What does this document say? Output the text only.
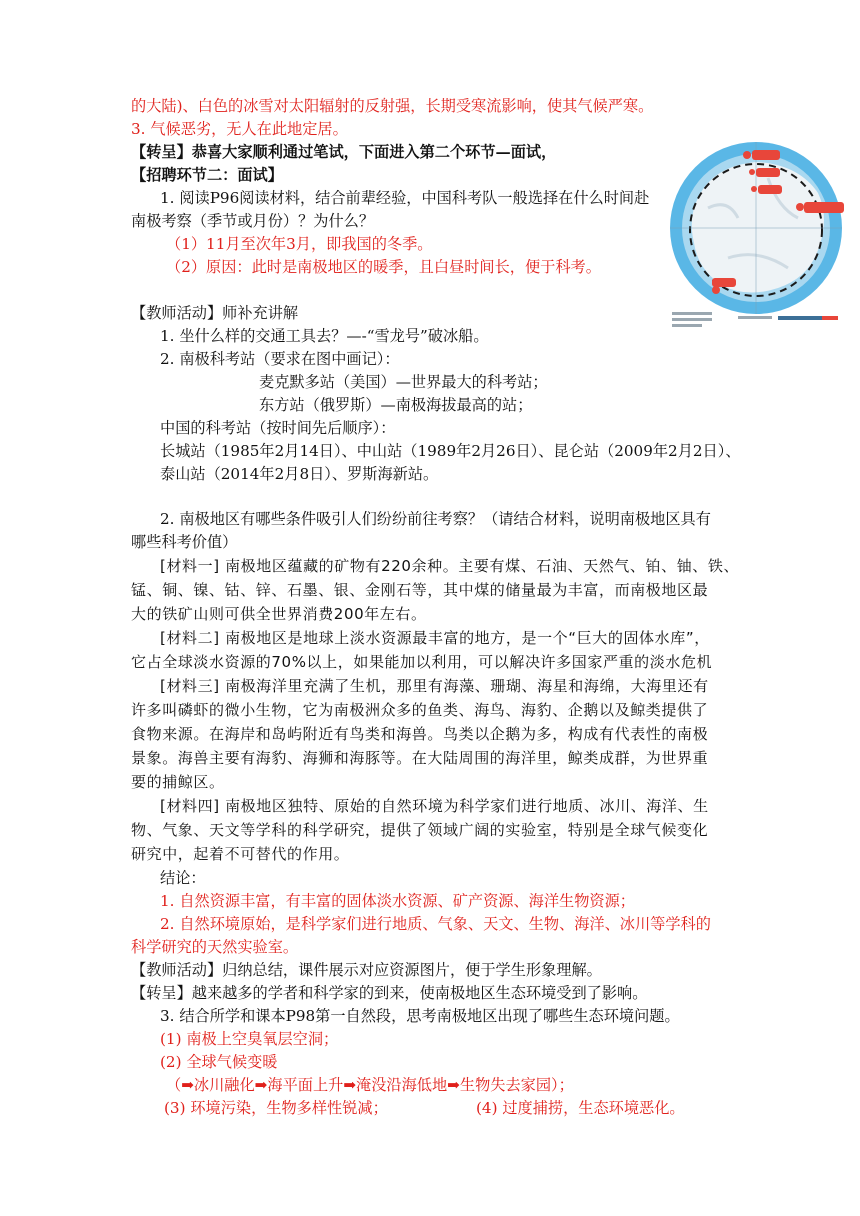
的大陆)、白色的冰雪对太阳辐射的反射强，长期受寒流影响，使其气候严寒。
3. 气候恶劣，无人在此地定居。
【转呈】恭喜大家顺利通过笔试，下面进入第二个环节—面试，
【招聘环节二：面试】
1. 阅读P96阅读材料，结合前辈经验，中国科考队一般选择在什么时间赴
南极考察（季节或月份）？为什么？
（1）11月至次年3月，即我国的冬季。
（2）原因：此时是南极地区的暖季，且白昼时间长，便于科考。
【教师活动】师补充讲解
1. 坐什么样的交通工具去？—-“雪龙号”破冰船。
2. 南极科考站（要求在图中画记）：
麦克默多站（美国）—世界最大的科考站；
东方站（俄罗斯）—南极海拔最高的站；
中国的科考站（按时间先后顺序）：
长城站（1985年2月14日）、中山站（1989年2月26日）、昆仑站（2009年2月2日）、
泰山站（2014年2月8日）、罗斯海新站。
2. 南极地区有哪些条件吸引人们纷纷前往考察？（请结合材料，说明南极地区具有
哪些科考价值）
[材料一] 南极地区蕴藏的矿物有220余种。主要有煤、石油、天然气、铂、铀、铁、
锰、铜、镍、钴、锌、石墨、银、金刚石等，其中煤的储量最为丰富，而南极地区最
大的铁矿山则可供全世界消费200年左右。
[材料二] 南极地区是地球上淡水资源最丰富的地方，是一个“巨大的固体水库”，
它占全球淡水资源的70%以上，如果能加以利用，可以解决许多国家严重的淡水危机
[材料三] 南极海洋里充满了生机，那里有海藻、珊瑚、海星和海绵，大海里还有
许多叫磷虾的微小生物，它为南极洲众多的鱼类、海鸟、海豹、企鹅以及鲸类提供了
食物来源。在海岸和岛屿附近有鸟类和海兽。鸟类以企鹅为多，构成有代表性的南极
景象。海兽主要有海豹、海狮和海豚等。在大陆周围的海洋里，鲸类成群，为世界重
要的捕鲸区。
[材料四] 南极地区独特、原始的自然环境为科学家们进行地质、冰川、海洋、生
物、气象、天文等学科的科学研究，提供了领域广阔的实验室，特别是全球气候变化
研究中，起着不可替代的作用。
结论：
1. 自然资源丰富，有丰富的固体淡水资源、矿产资源、海洋生物资源；
2. 自然环境原始，是科学家们进行地质、气象、天文、生物、海洋、冰川等学科的
科学研究的天然实验室。
【教师活动】归纳总结，课件展示对应资源图片，便于学生形象理解。
【转呈】越来越多的学者和科学家的到来，使南极地区生态环境受到了影响。
3. 结合所学和课本P98第一自然段，思考南极地区出现了哪些生态环境问题。
(1) 南极上空臭氧层空洞；
(2) 全球气候变暖
（➡冰川融化➡海平面上升➡淹没沿海低地➡生物失去家园）；
(3) 环境污染，生物多样性锐减；	(4) 过度捕捞，生态环境恶化。
